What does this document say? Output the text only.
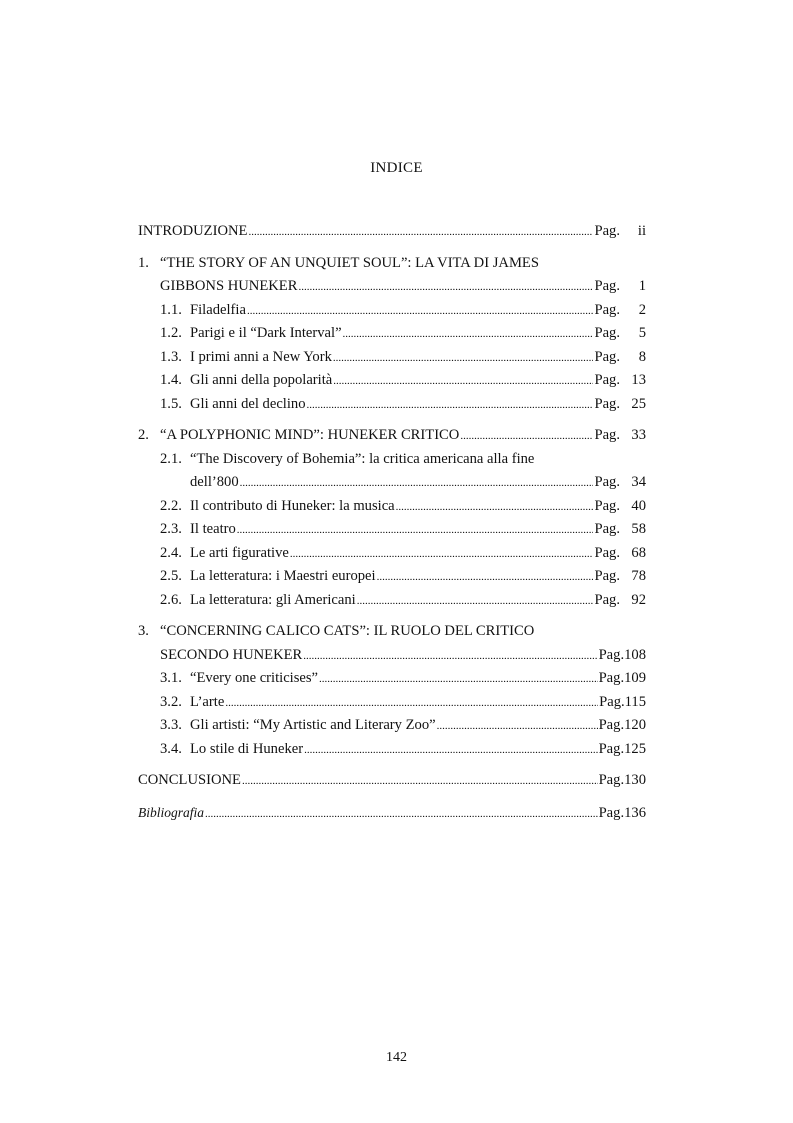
INDICE
INTRODUZIONE .....	Pag.	ii
1. “THE STORY OF AN UNQUIET SOUL”: LA VITA DI JAMES
GIBBONS HUNEKER .....	Pag.	1
1.1. Filadelfia .....	Pag.	2
1.2. Parigi e il “Dark Interval” .....	Pag.	5
1.3. I primi anni a New York .....	Pag.	8
1.4. Gli anni della popolarità .....	Pag. 13
1.5. Gli anni del declino .....	Pag. 25
2. “A POLYPHONIC MIND”: HUNEKER CRITICO .....	Pag. 33
2.1. “The Discovery of Bohemia”: la critica americana alla fine
dell’800 .....	Pag. 34
2.2. Il contributo di Huneker: la musica .....	Pag. 40
2.3. Il teatro .....	Pag. 58
2.4. Le arti figurative .....	Pag. 68
2.5. La letteratura: i Maestri europei .....	Pag. 78
2.6. La letteratura: gli Americani .....	Pag. 92
3. “CONCERNING CALICO CATS”: IL RUOLO DEL CRITICO
SECONDO HUNEKER .....	Pag. 108
3.1. “Every one criticises” .....	Pag. 109
3.2. L’arte .....	Pag. 115
3.3. Gli artisti: “My Artistic and Literary Zoo” .....	Pag. 120
3.4. Lo stile di Huneker .....	Pag. 125
CONCLUSIONE .....	Pag. 130
Bibliografia .....	Pag. 136
142
